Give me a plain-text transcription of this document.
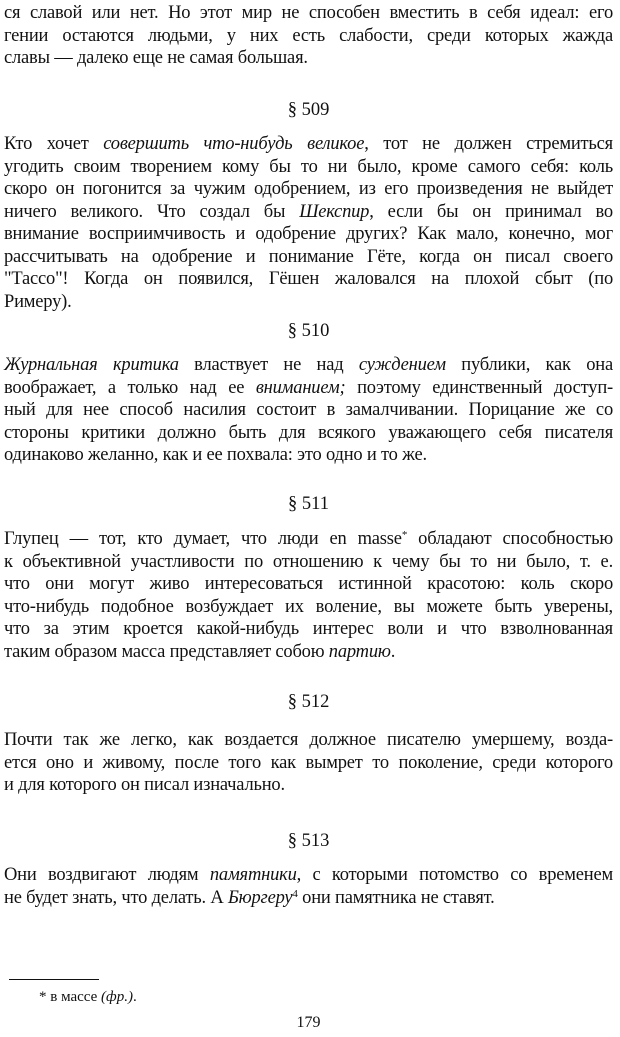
ся славой или нет. Но этот мир не способен вместить в себя идеал: его
гении остаются людьми, у них есть слабости, среди которых жажда
славы — далеко еще не самая большая.

§ 509

Кто хочет совершить что-нибудь великое, тот не должен стремиться
угодить своим творением кому бы то ни было, кроме самого себя: коль
скоро он погонится за чужим одобрением, из его произведения не выйдет
ничего великого. Что создал бы Шекспир, если бы он принимал во
внимание восприимчивость и одобрение других? Как мало, конечно, мог
рассчитывать на одобрение и понимание Гёте, когда он писал своего
"Тассо"! Когда он появился, Гёшен жаловался на плохой сбыт (по
Римеру).

§ 510

Журнальная критика властвует не над суждением публики, как она
воображает, а только над ее вниманием; поэтому единственный доступ-
ный для нее способ насилия состоит в замалчивании. Порицание же со
стороны критики должно быть для всякого уважающего себя писателя
одинаково желанно, как и ее похвала: это одно и то же.

§ 511

Глупец — тот, кто думает, что люди en masse* обладают способностью
к объективной участливости по отношению к чему бы то ни было, т. е.
что они могут живо интересоваться истинной красотою: коль скоро
что-нибудь подобное возбуждает их воление, вы можете быть уверены,
что за этим кроется какой-нибудь интерес воли и что взволнованная
таким образом масса представляет собою партию.

§ 512

Почти так же легко, как воздается должное писателю умершему, возда-
ется оно и живому, после того как вымрет то поколение, среди которого
и для которого он писал изначально.

§ 513

Они воздвигают людям памятники, с которыми потомство со временем
не будет знать, что делать. А Бюргеру$^4$ они памятника не ставят.

* в массе (фр.).

179
